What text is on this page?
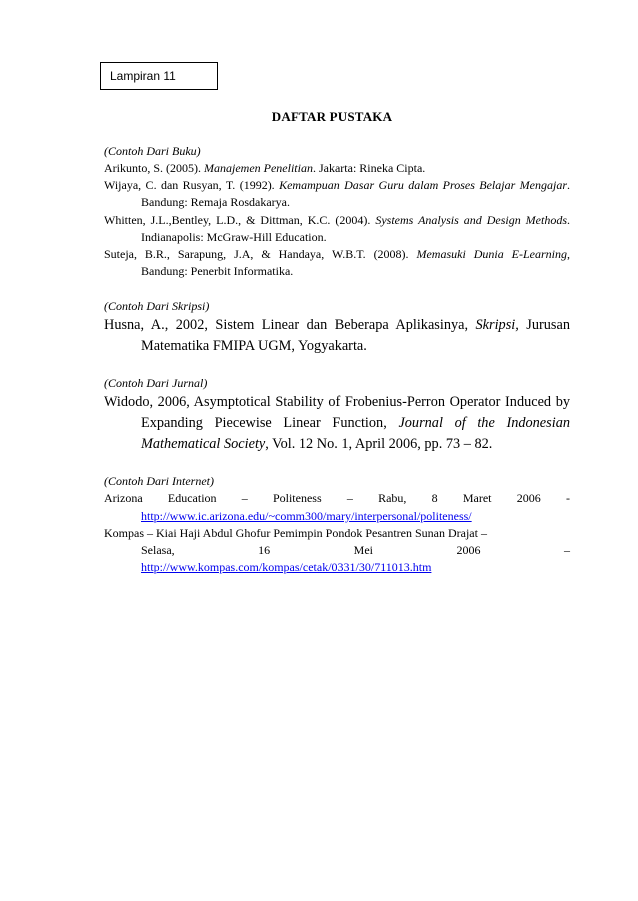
Lampiran 11
DAFTAR PUSTAKA

(Contoh Dari Buku)

Arikunto, S. (2005). Manajemen Penelitian. Jakarta: Rineka Cipta.

Wijaya, C. dan Rusyan, T. (1992). Kemampuan Dasar Guru dalam Proses Belajar Mengajar. Bandung: Remaja Rosdakarya.

Whitten, J.L.,Bentley, L.D., & Dittman, K.C. (2004). Systems Analysis and Design Methods. Indianapolis: McGraw-Hill Education.

Suteja, B.R., Sarapung, J.A, & Handaya, W.B.T. (2008). Memasuki Dunia E-Learning, Bandung: Penerbit Informatika.

(Contoh Dari Skripsi)

Husna, A., 2002, Sistem Linear dan Beberapa Aplikasinya, Skripsi, Jurusan Matematika FMIPA UGM, Yogyakarta.

(Contoh Dari Jurnal)

Widodo, 2006, Asymptotical Stability of Frobenius-Perron Operator Induced by Expanding Piecewise Linear Function, Journal of the Indonesian Mathematical Society, Vol. 12 No. 1, April 2006, pp. 73 – 82.

(Contoh Dari Internet)

Arizona Education – Politeness – Rabu, 8 Maret 2006 -
http://www.ic.arizona.edu/~comm300/mary/interpersonal/politeness/
Kompas – Kiai Haji Abdul Ghofur Pemimpin Pondok Pesantren Sunan Drajat –
Selasa,	16	Mei	2006	–
http://www.kompas.com/kompas/cetak/0331/30/711013.htm
